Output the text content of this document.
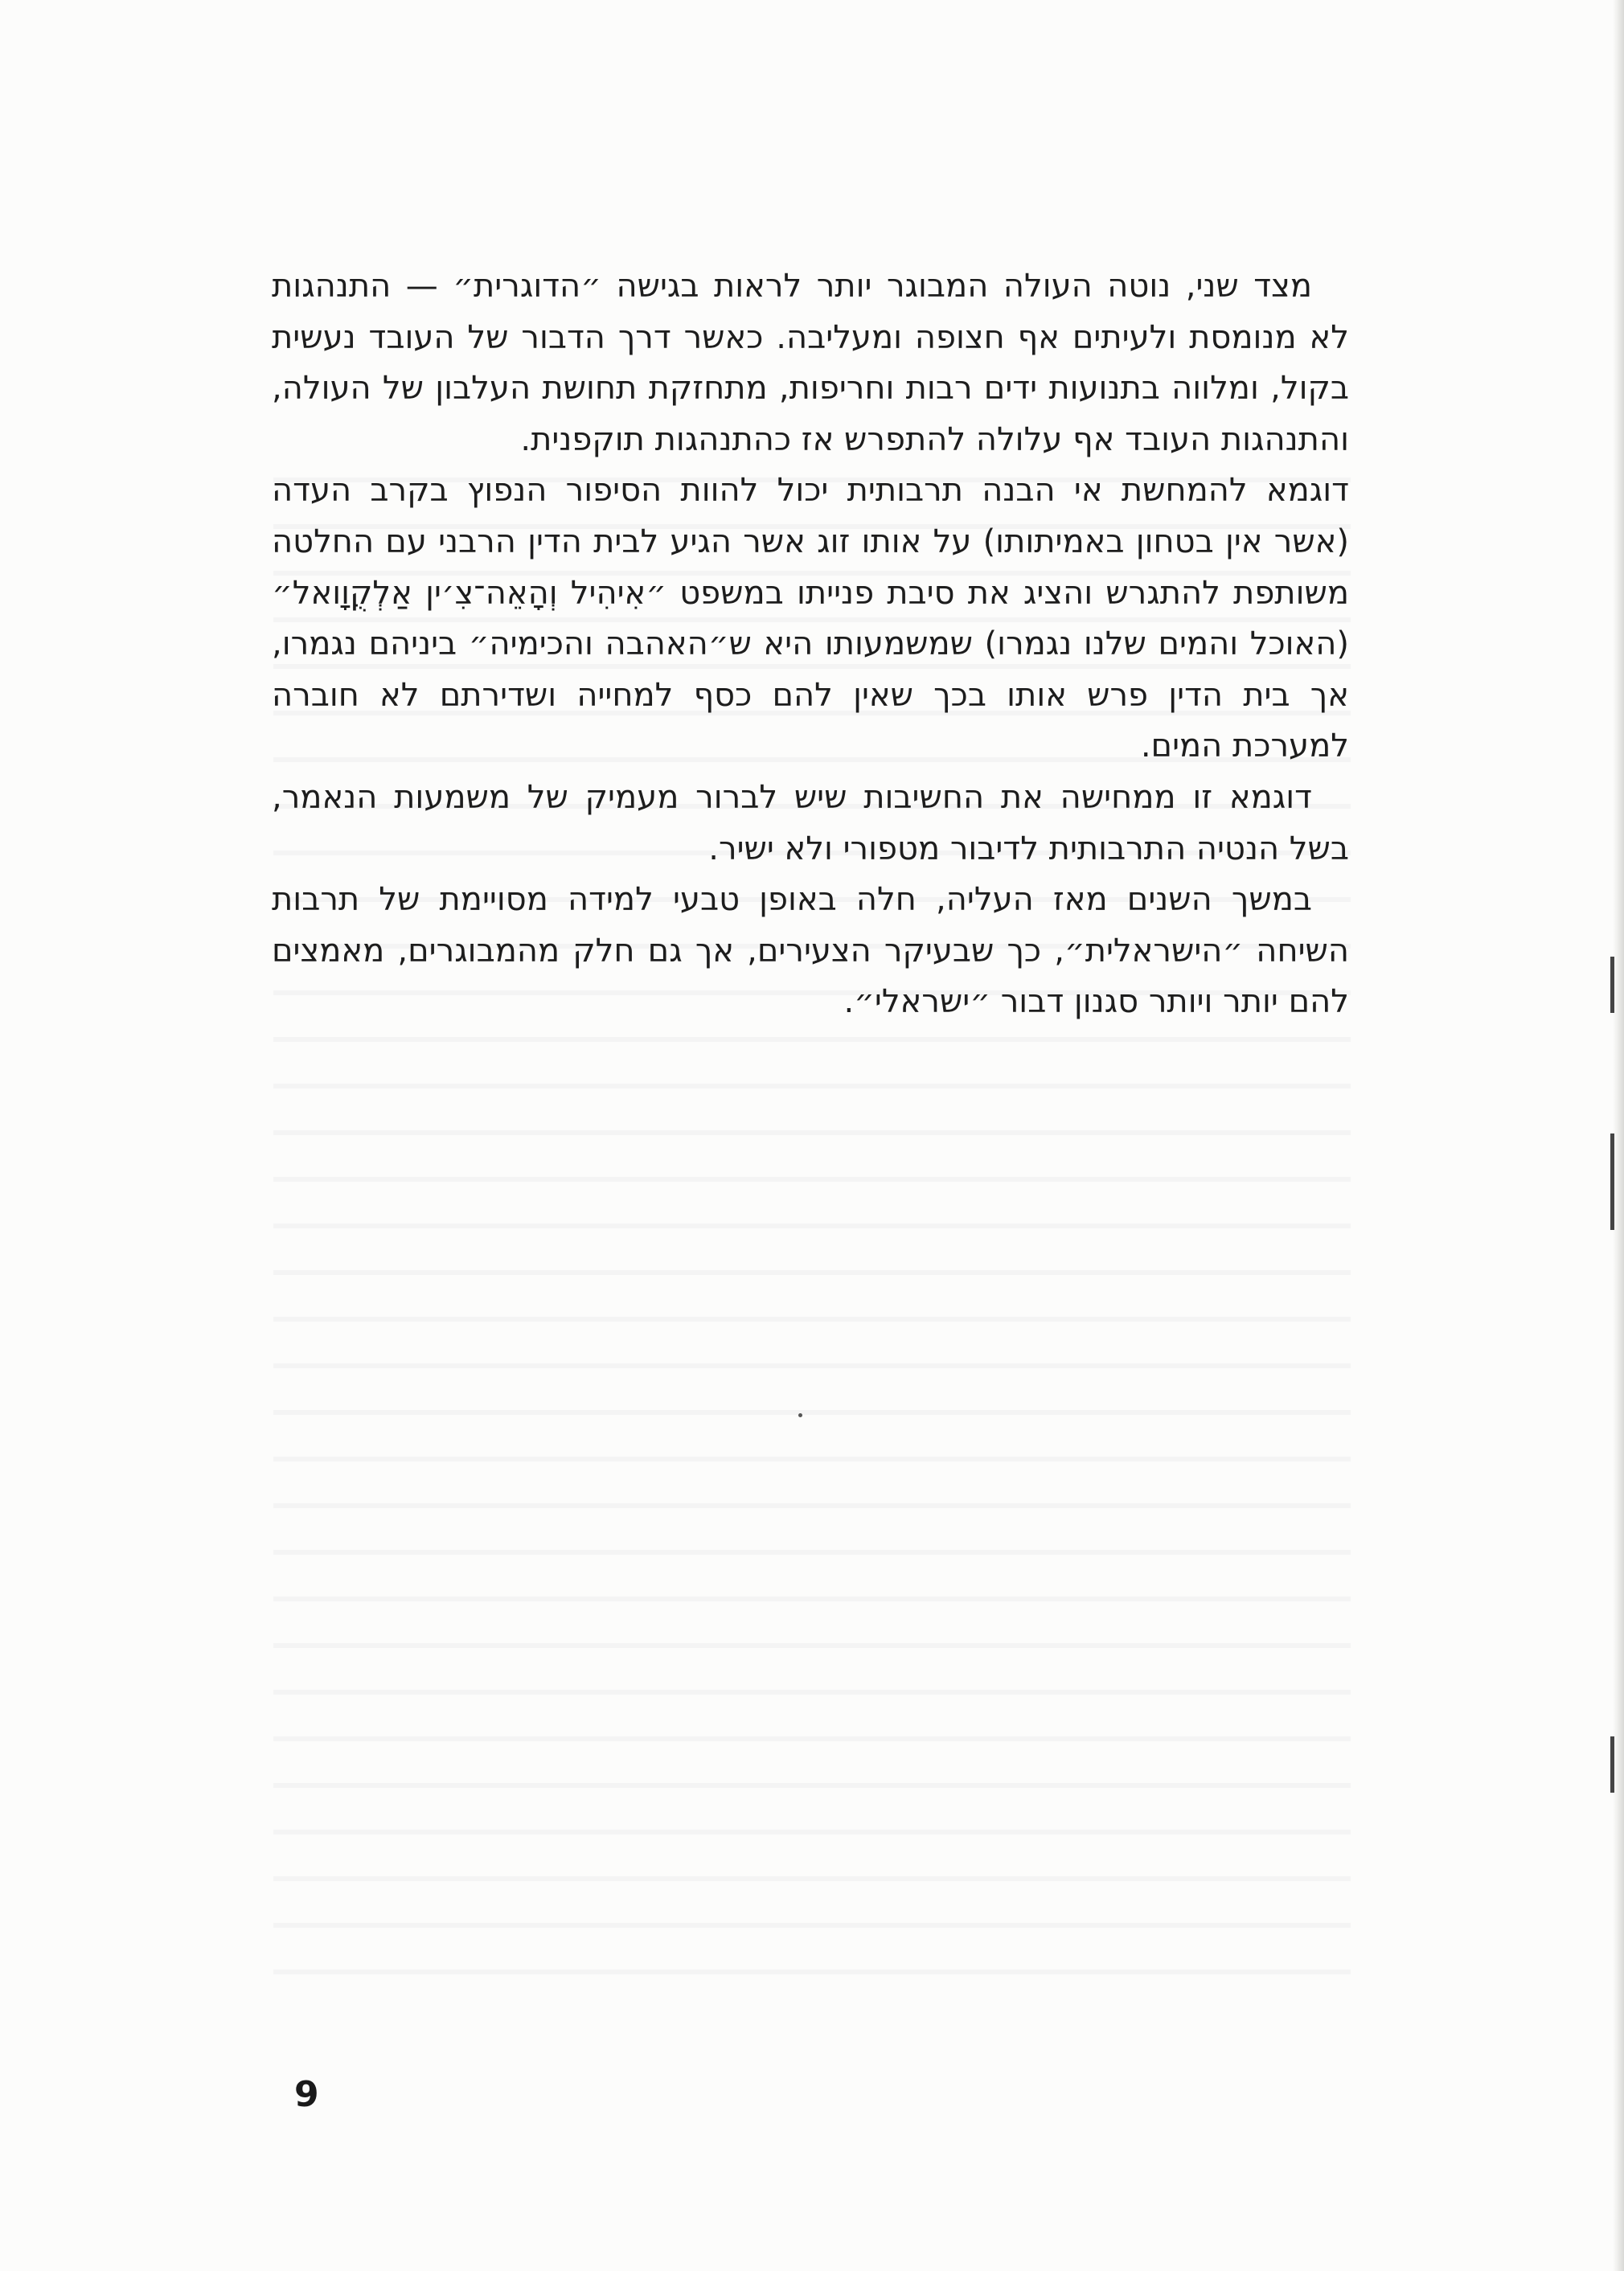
מצד שני, נוטה העולה המבוגר יותר לראות בגישה ״הדוגרית״ — התנהגות לא מנומסת ולעיתים אף חצופה ומעליבה. כאשר דרך הדבור של העובד נעשית בקול, ומלווה בתנועות ידים רבות וחריפות, מתחזקת תחושת העלבון של העולה, והתנהגות העובד אף עלולה להתפרש אז כהתנהגות תוקפנית.

דוגמא להמחשת אי הבנה תרבותית יכול להוות הסיפור הנפוץ בקרב העדה (אשר אין בטחון באמיתותו) על אותו זוג אשר הגיע לבית הדין הרבני עם החלטה משותפת להתגרש והציג את סיבת פנייתו במשפט ״אִיהִיל וְהָאֵה־צִ׳ין אַלְקֻוָואל״ (האוכל והמים שלנו נגמרו) שמשמעותו היא ש״האהבה והכימיה״ ביניהם נגמרו, אך בית הדין פרש אותו בכך שאין להם כסף למחייה ושדירתם לא חוברה למערכת המים.

דוגמא זו ממחישה את החשיבות שיש לברור מעמיק של משמעות הנאמר, בשל הנטיה התרבותית לדיבור מטפורי ולא ישיר.

במשך השנים מאז העליה, חלה באופן טבעי למידה מסויימת של תרבות השיחה ״הישראלית״, כך שבעיקר הצעירים, אך גם חלק מהמבוגרים, מאמצים להם יותר ויותר סגנון דבור ״ישראלי״.

9
